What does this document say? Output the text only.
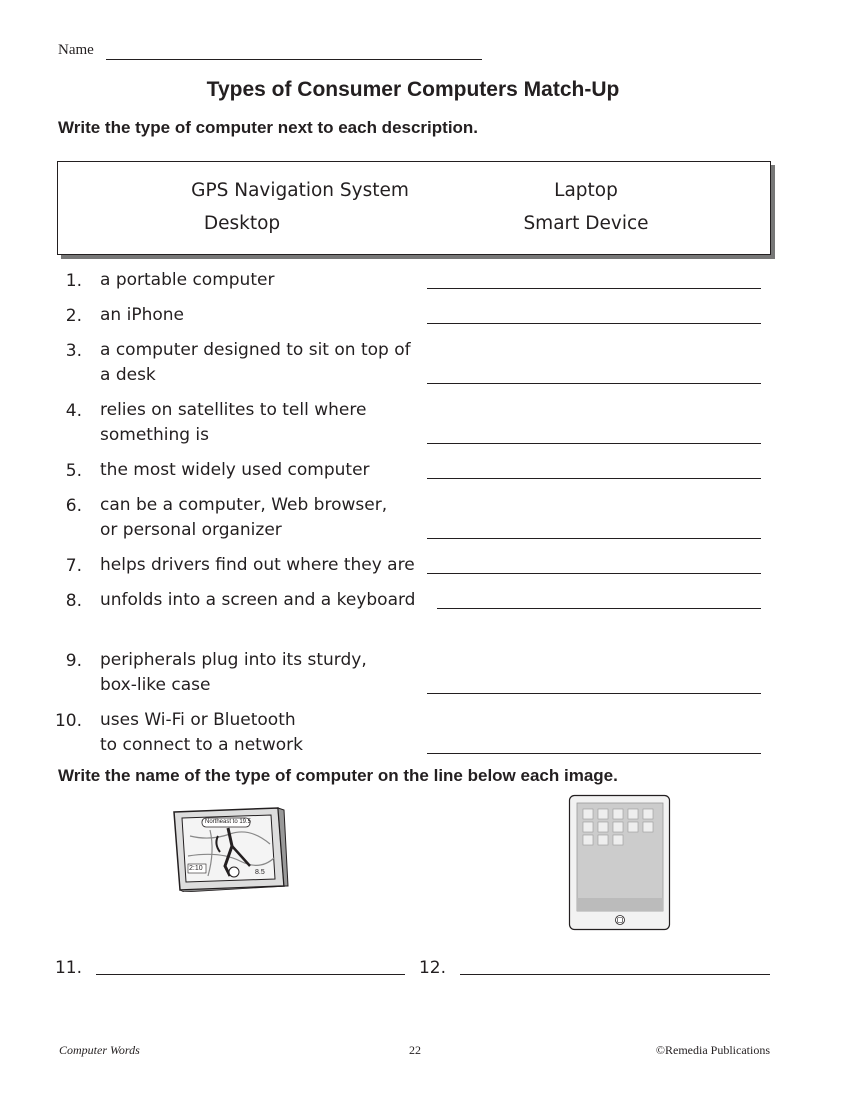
Name
Types of Consumer Computers Match-Up
Write the type of computer next to each description.
GPS Navigation System	Laptop
Desktop	Smart Device
1. a portable computer
2. an iPhone
3. a computer designed to sit on top of
a desk
4. relies on satellites to tell where
something is
5. the most widely used computer
6. can be a computer, Web browser,
or personal organizer
7. helps drivers find out where they are
8. unfolds into a screen and a keyboard
9. peripherals plug into its sturdy,
box-like case
10. uses Wi-Fi or Bluetooth
to connect to a network
Write the name of the type of computer on the line below each image.
Northeast to 19.5
2:10
8.5
11.	12.
Computer Words	22	©Remedia Publications
